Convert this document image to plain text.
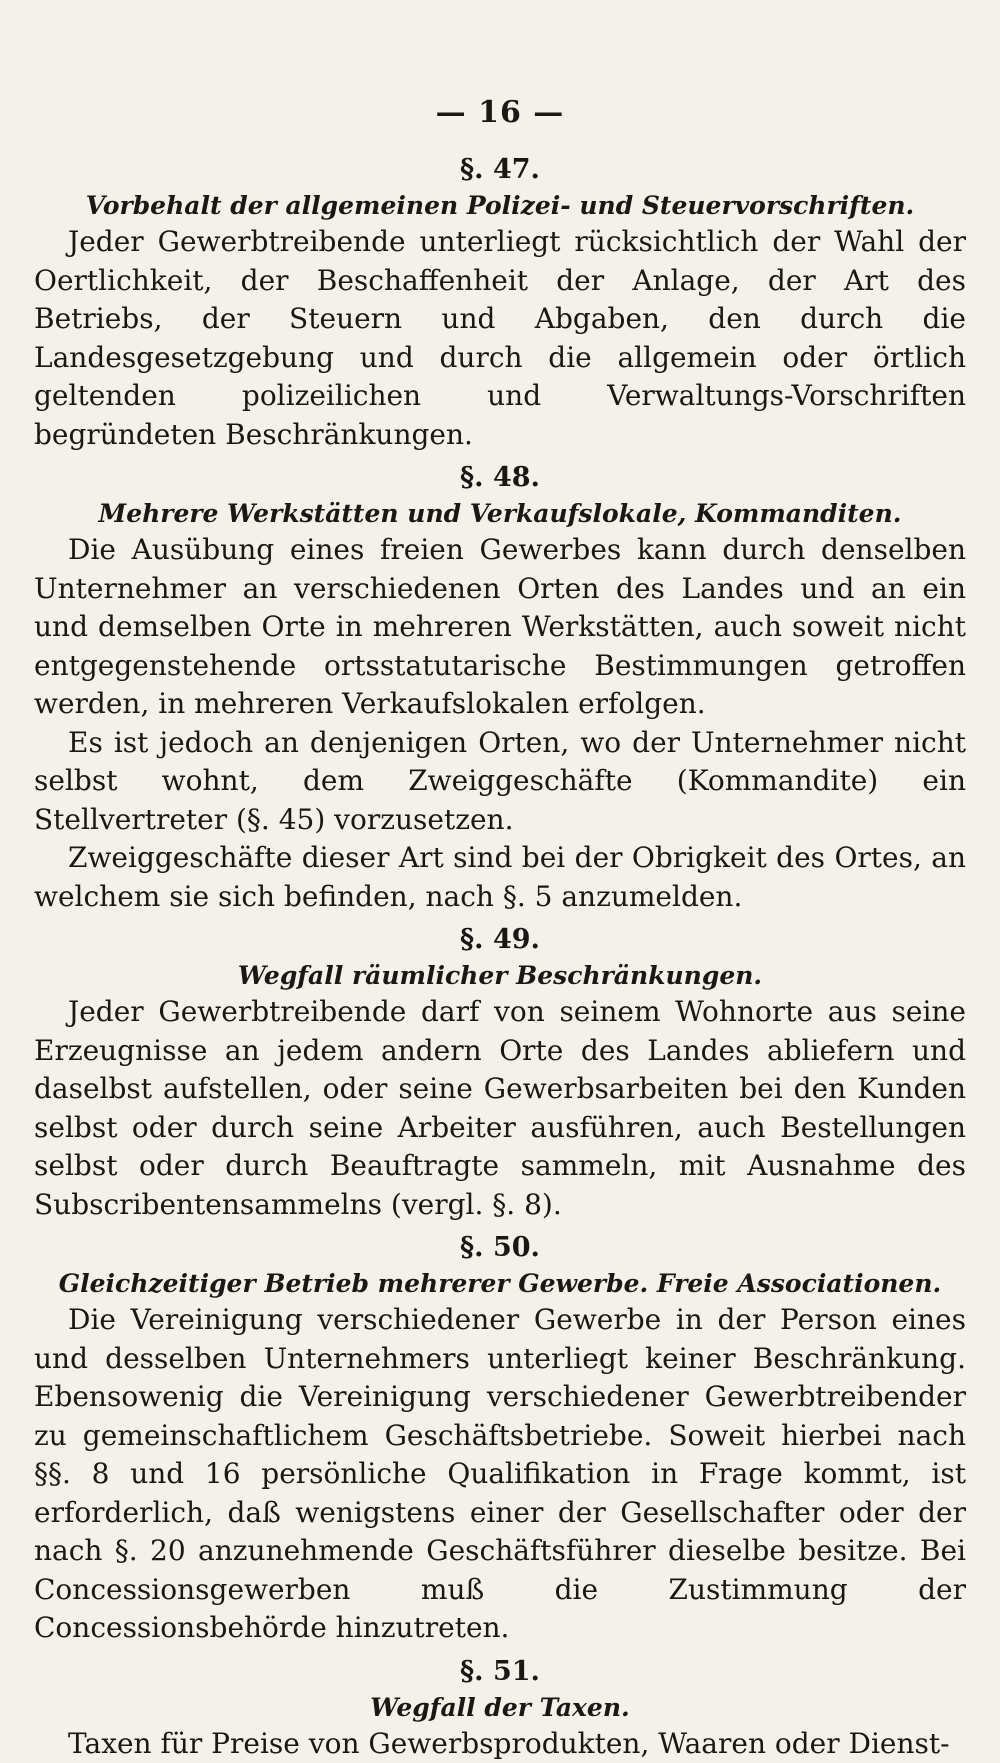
— 16 —
§. 47.
Vorbehalt der allgemeinen Polizei- und Steuervorschriften.

Jeder Gewerbtreibende unterliegt rücksichtlich der Wahl der Oertlichkeit, der Beschaffenheit der Anlage, der Art des Betriebs, der Steuern und Abgaben, den durch die Landesgesetzgebung und durch die allgemein oder örtlich geltenden polizeilichen und Verwaltungs-Vorschriften begründeten Beschränkungen.

§. 48.
Mehrere Werkstätten und Verkaufslokale, Kommanditen.

Die Ausübung eines freien Gewerbes kann durch denselben Unternehmer an verschiedenen Orten des Landes und an ein und demselben Orte in mehreren Werkstätten, auch soweit nicht entgegenstehende ortsstatutarische Bestimmungen getroffen werden, in mehreren Verkaufslokalen erfolgen.

Es ist jedoch an denjenigen Orten, wo der Unternehmer nicht selbst wohnt, dem Zweiggeschäfte (Kommandite) ein Stellvertreter (§. 45) vorzusetzen.

Zweiggeschäfte dieser Art sind bei der Obrigkeit des Ortes, an welchem sie sich befinden, nach §. 5 anzumelden.

§. 49.
Wegfall räumlicher Beschränkungen.

Jeder Gewerbtreibende darf von seinem Wohnorte aus seine Erzeugnisse an jedem andern Orte des Landes abliefern und daselbst aufstellen, oder seine Gewerbsarbeiten bei den Kunden selbst oder durch seine Arbeiter ausführen, auch Bestellungen selbst oder durch Beauftragte sammeln, mit Ausnahme des Subscribentensammelns (vergl. §. 8).

§. 50.
Gleichzeitiger Betrieb mehrerer Gewerbe. Freie Associationen.

Die Vereinigung verschiedener Gewerbe in der Person eines und desselben Unternehmers unterliegt keiner Beschränkung. Ebensowenig die Vereinigung verschiedener Gewerbtreibender zu gemeinschaftlichem Geschäftsbetriebe. Soweit hierbei nach §§. 8 und 16 persönliche Qualifikation in Frage kommt, ist erforderlich, daß wenigstens einer der Gesellschafter oder der nach §. 20 anzunehmende Geschäftsführer dieselbe besitze. Bei Concessionsgewerben muß die Zustimmung der Concessionsbehörde hinzutreten.

§. 51.
Wegfall der Taxen.

Taxen für Preise von Gewerbsprodukten, Waaren oder Dienst-
